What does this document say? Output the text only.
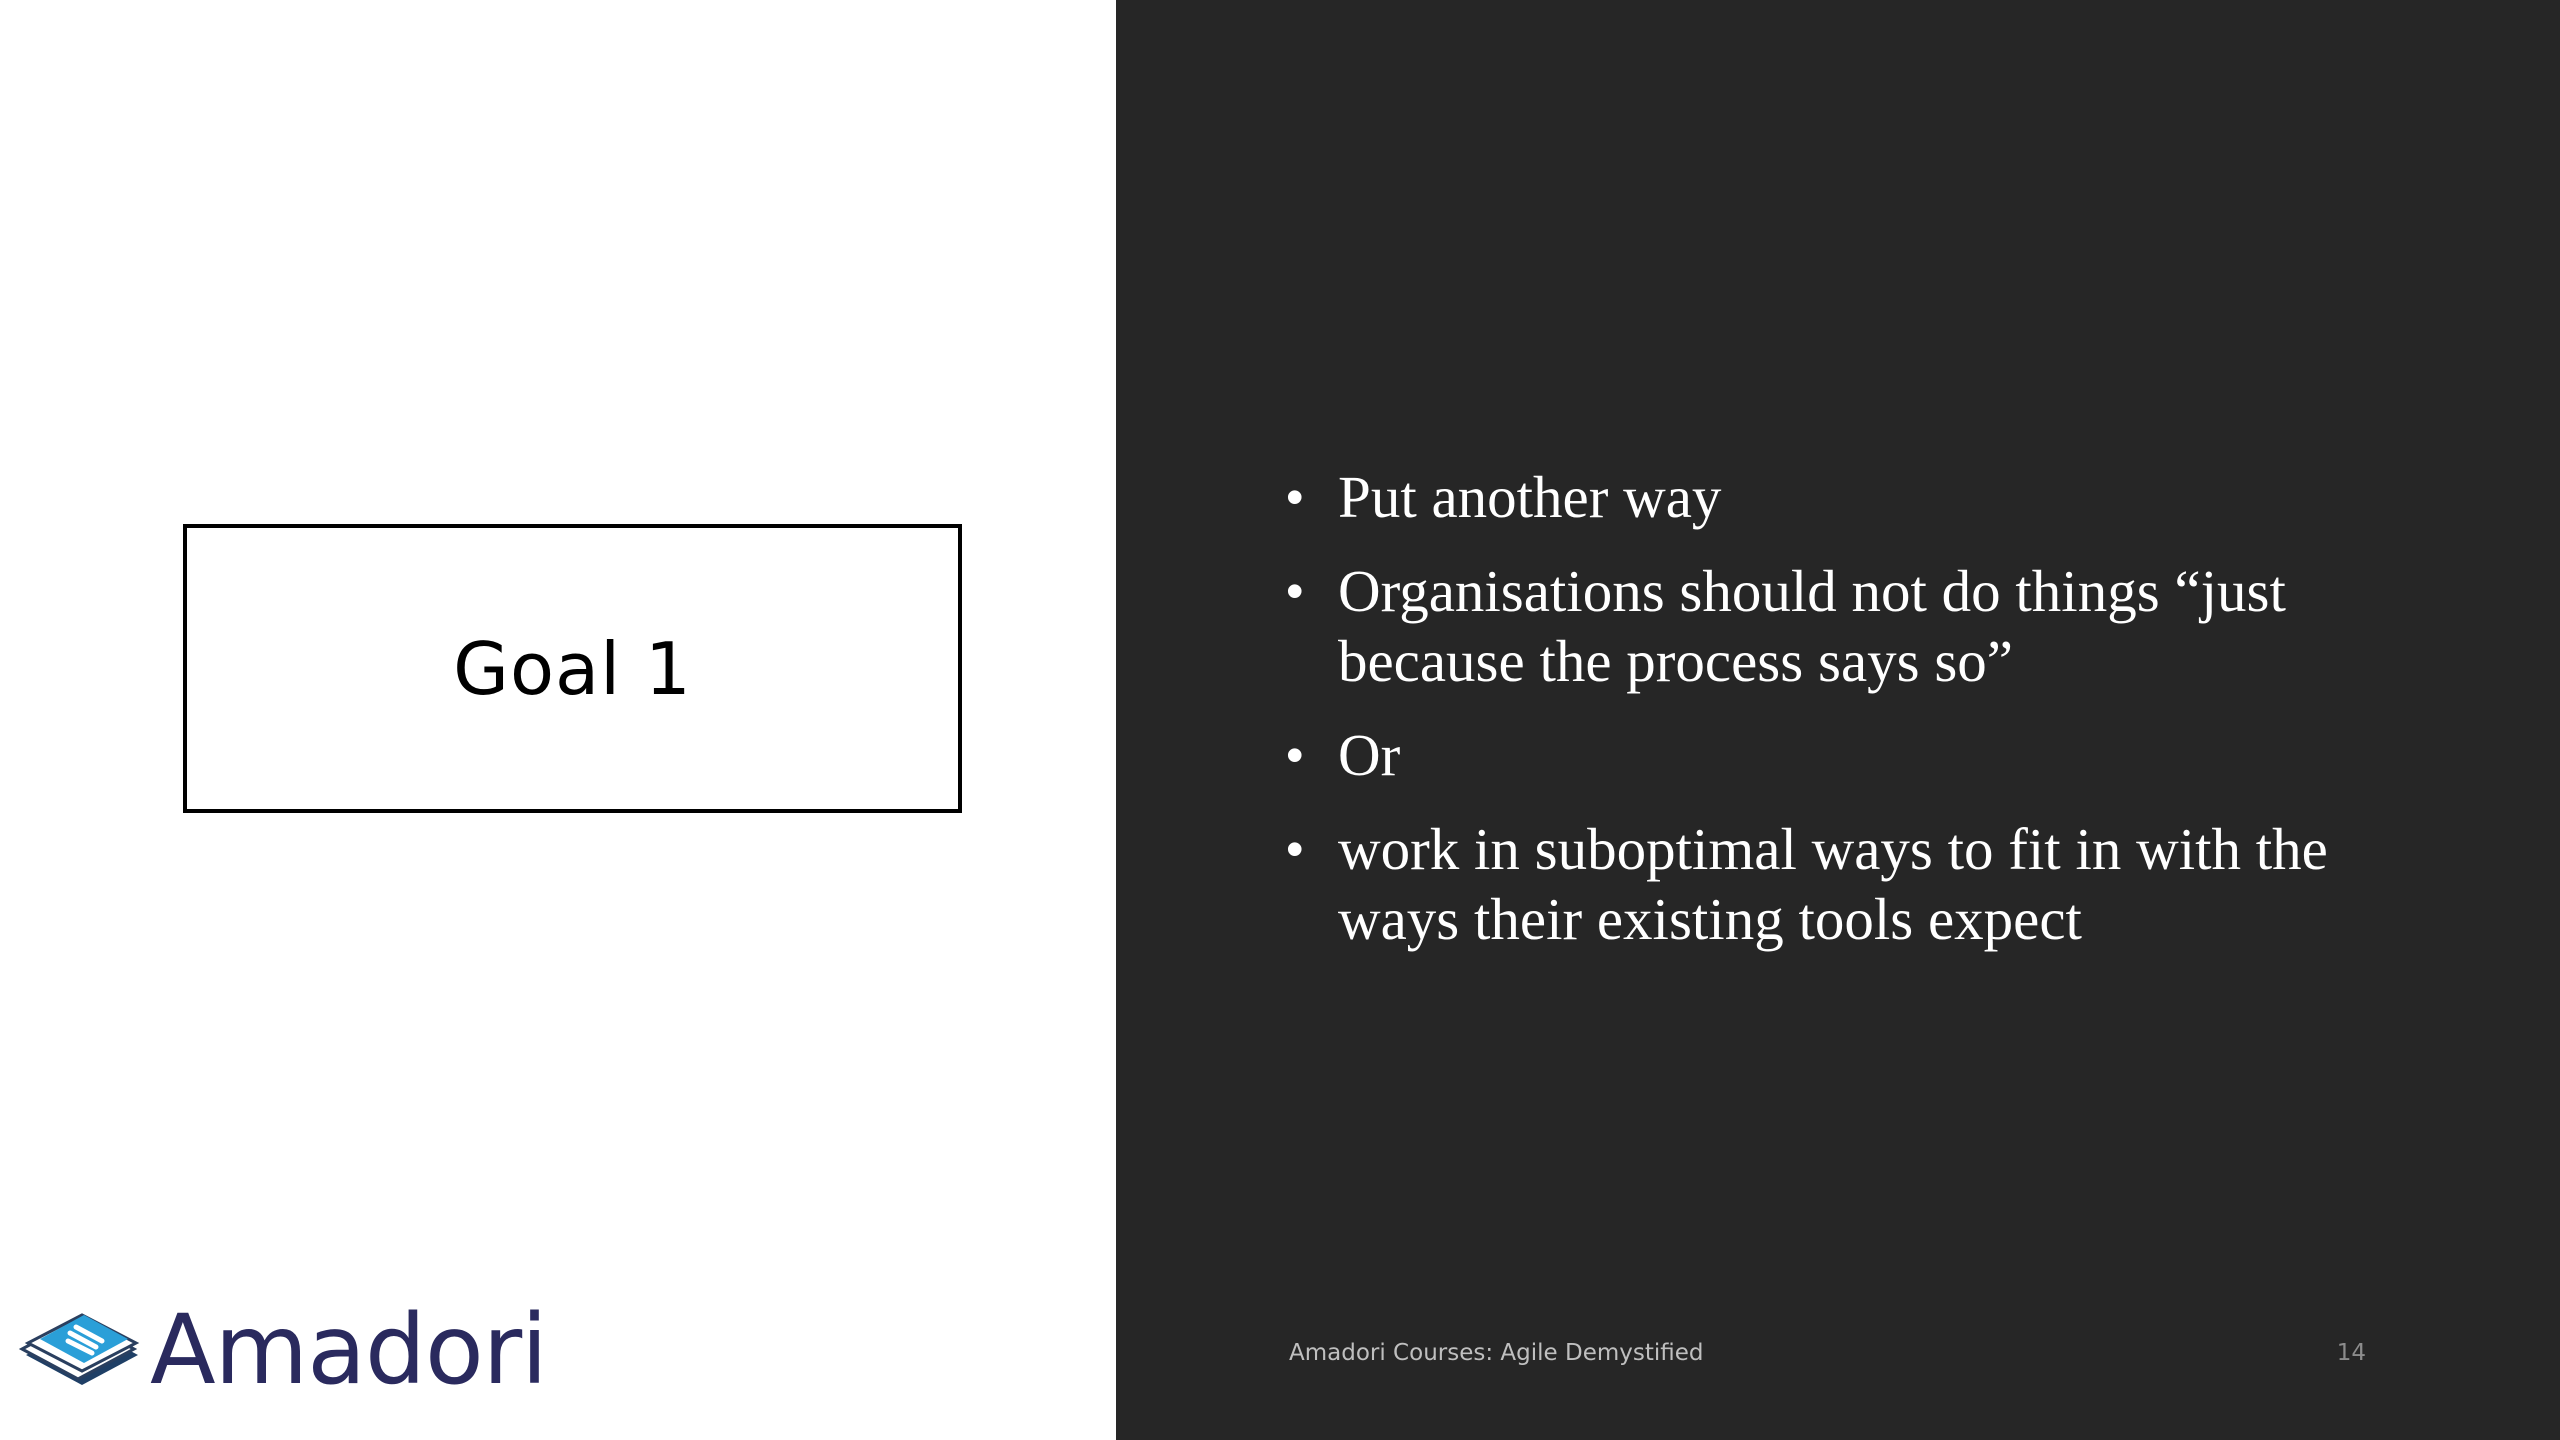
Goal 1
Amadori
• Put another way
• Organisations should not do things “just because the process says so”
• Or
• work in suboptimal ways to fit in with the ways their existing tools expect
Amadori Courses: Agile Demystified	14
